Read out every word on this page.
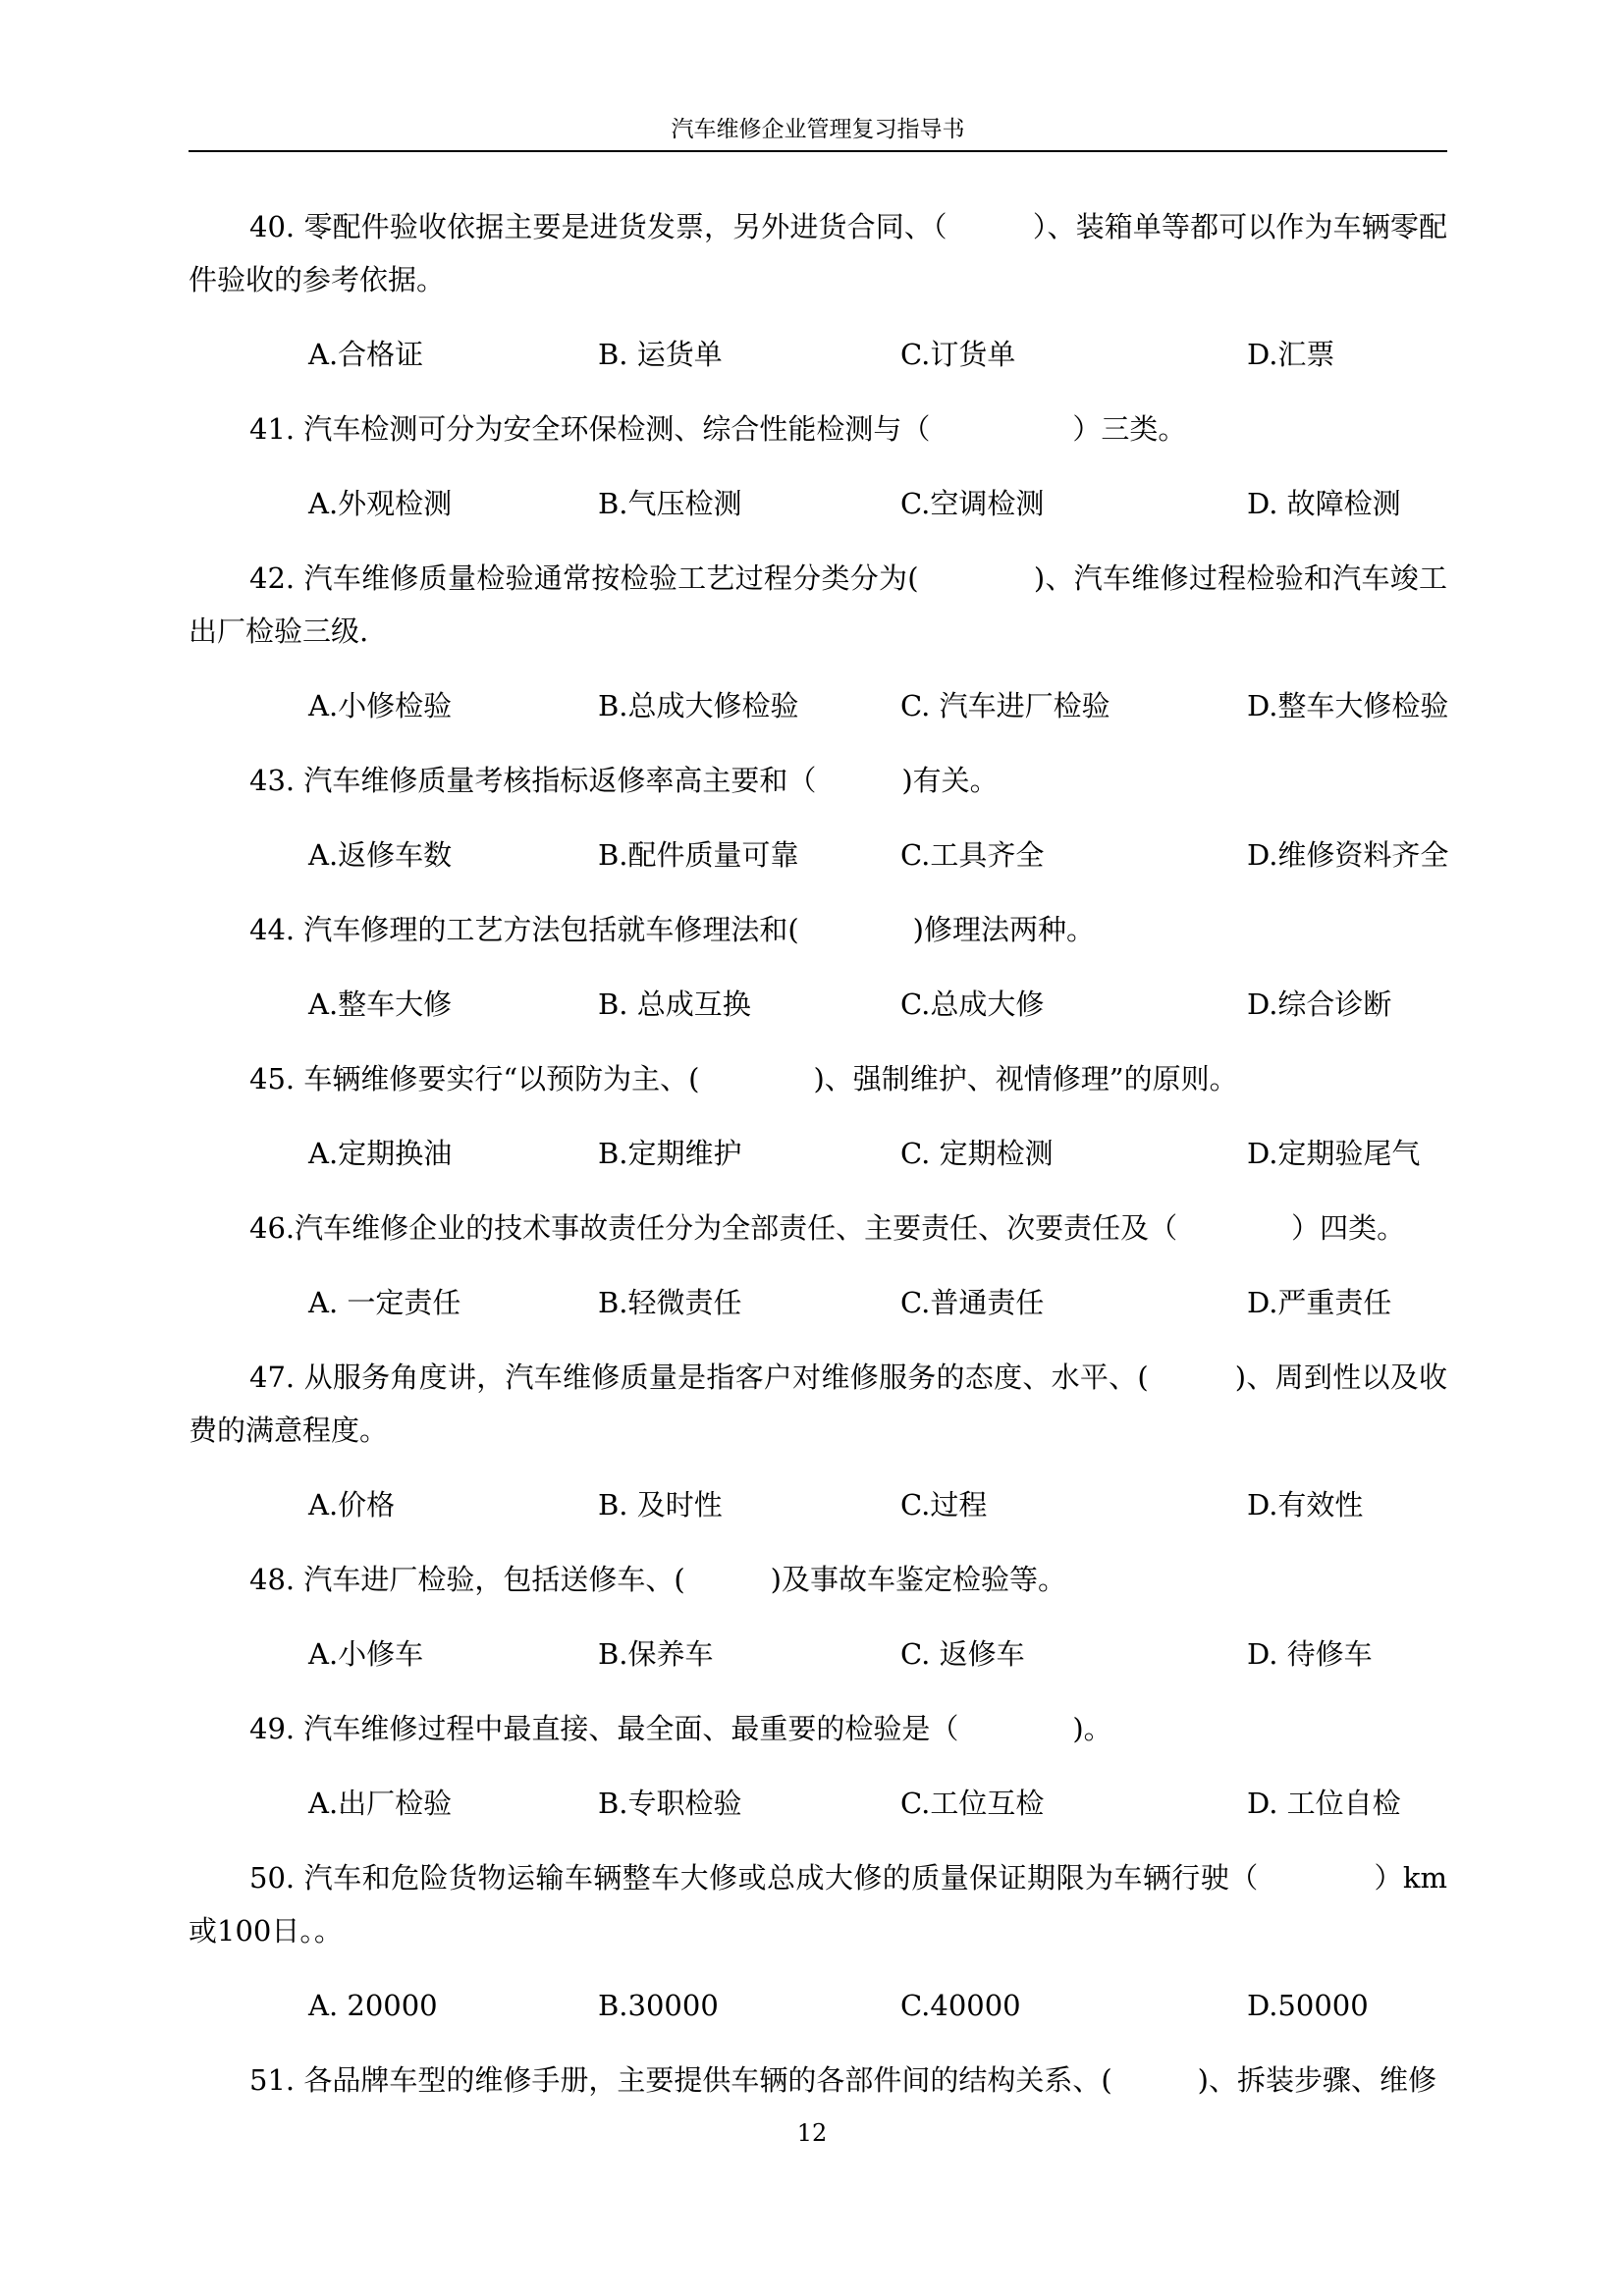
汽车维修企业管理复习指导书

40. 零配件验收依据主要是进货发票，另外进货合同、（　　　）、装箱单等都可以作为车辆零配件验收的参考依据。

A.合格证	B. 运货单	C.订货单	D.汇票

41. 汽车检测可分为安全环保检测、综合性能检测与（　　　　　）三类。

A.外观检测	B.气压检测	C.空调检测	D. 故障检测

42. 汽车维修质量检验通常按检验工艺过程分类分为(　　　　)、汽车维修过程检验和汽车竣工出厂检验三级.

A.小修检验	B.总成大修检验	C. 汽车进厂检验	D.整车大修检验

43. 汽车维修质量考核指标返修率高主要和（　　　)有关。

A.返修车数	B.配件质量可靠	C.工具齐全	D.维修资料齐全

44. 汽车修理的工艺方法包括就车修理法和(　　　　)修理法两种。

A.整车大修	B. 总成互换	C.总成大修	D.综合诊断

45. 车辆维修要实行“以预防为主、(　　　　)、强制维护、视情修理”的原则。

A.定期换油	B.定期维护	C. 定期检测	D.定期验尾气

46.汽车维修企业的技术事故责任分为全部责任、主要责任、次要责任及（　　　　）四类。

A. 一定责任	B.轻微责任	C.普通责任	D.严重责任

47. 从服务角度讲，汽车维修质量是指客户对维修服务的态度、水平、(　　　)、周到性以及收费的满意程度。

A.价格	B. 及时性	C.过程	D.有效性

48. 汽车进厂检验，包括送修车、(　　　)及事故车鉴定检验等。

A.小修车	B.保养车	C. 返修车	D. 待修车

49. 汽车维修过程中最直接、最全面、最重要的检验是（　　　　)。

A.出厂检验	B.专职检验	C.工位互检	D. 工位自检

50. 汽车和危险货物运输车辆整车大修或总成大修的质量保证期限为车辆行驶（　　　　）km或100日。。

A. 20000	B.30000	C.40000	D.50000

51. 各品牌车型的维修手册，主要提供车辆的各部件间的结构关系、(　　　)、拆装步骤、维修

12
